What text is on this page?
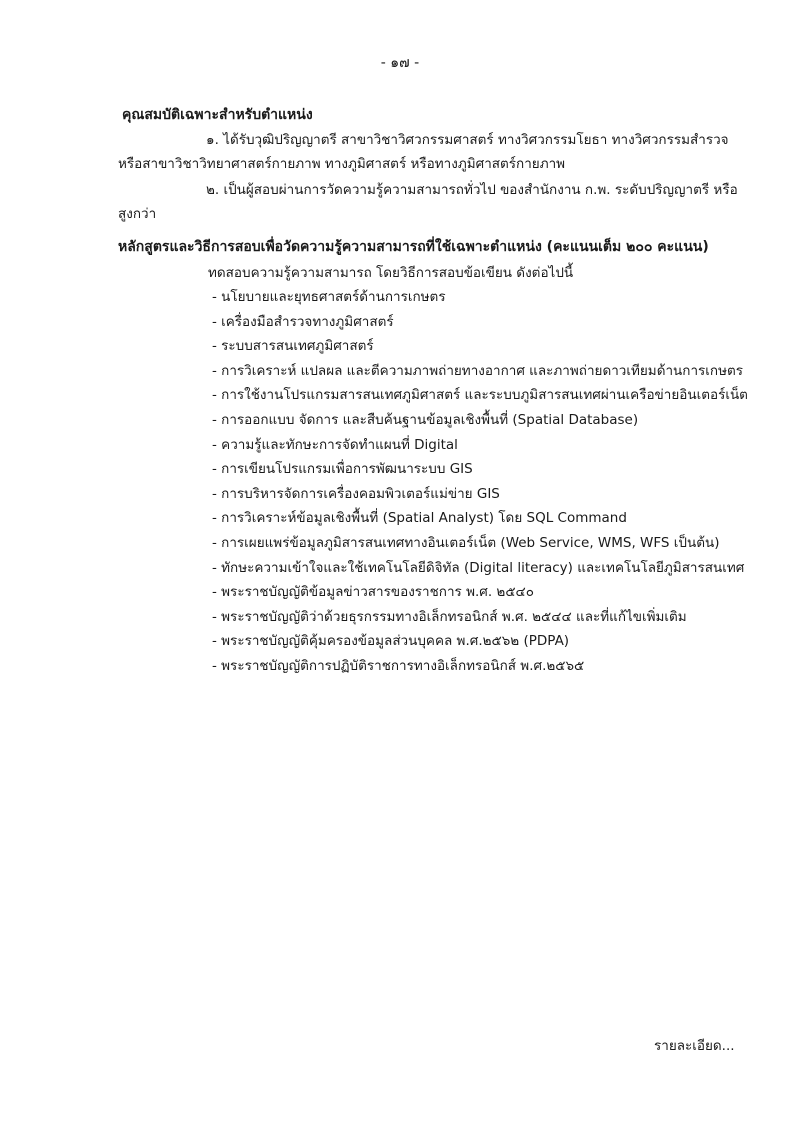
- ๑๗ -
คุณสมบัติเฉพาะสำหรับตำแหน่ง
๑. ได้รับวุฒิปริญญาตรี สาขาวิชาวิศวกรรมศาสตร์ ทางวิศวกรรมโยธา ทางวิศวกรรมสำรวจ หรือสาขาวิชาวิทยาศาสตร์กายภาพ ทางภูมิศาสตร์ หรือทางภูมิศาสตร์กายภาพ
๒. เป็นผู้สอบผ่านการวัดความรู้ความสามารถทั่วไป ของสำนักงาน ก.พ. ระดับปริญญาตรี หรือสูงกว่า
หลักสูตรและวิธีการสอบเพื่อวัดความรู้ความสามารถที่ใช้เฉพาะตำแหน่ง (คะแนนเต็ม ๒๐๐ คะแนน)
ทดสอบความรู้ความสามารถ โดยวิธีการสอบข้อเขียน ดังต่อไปนี้
- นโยบายและยุทธศาสตร์ด้านการเกษตร
- เครื่องมือสำรวจทางภูมิศาสตร์
- ระบบสารสนเทศภูมิศาสตร์
- การวิเคราะห์ แปลผล และตีความภาพถ่ายทางอากาศ และภาพถ่ายดาวเทียมด้านการเกษตร
- การใช้งานโปรแกรมสารสนเทศภูมิศาสตร์ และระบบภูมิสารสนเทศผ่านเครือข่ายอินเตอร์เน็ต
- การออกแบบ จัดการ และสืบค้นฐานข้อมูลเชิงพื้นที่ (Spatial Database)
- ความรู้และทักษะการจัดทำแผนที่ Digital
- การเขียนโปรแกรมเพื่อการพัฒนาระบบ GIS
- การบริหารจัดการเครื่องคอมพิวเตอร์แม่ข่าย GIS
- การวิเคราะห์ข้อมูลเชิงพื้นที่ (Spatial Analyst) โดย SQL Command
- การเผยแพร่ข้อมูลภูมิสารสนเทศทางอินเตอร์เน็ต (Web Service, WMS, WFS เป็นต้น)
- ทักษะความเข้าใจและใช้เทคโนโลยีดิจิทัล (Digital literacy) และเทคโนโลยีภูมิสารสนเทศ
- พระราชบัญญัติข้อมูลข่าวสารของราชการ พ.ศ. ๒๕๔๐
- พระราชบัญญัติว่าด้วยธุรกรรมทางอิเล็กทรอนิกส์ พ.ศ. ๒๕๔๔ และที่แก้ไขเพิ่มเติม
- พระราชบัญญัติคุ้มครองข้อมูลส่วนบุคคล พ.ศ.๒๕๖๒ (PDPA)
- พระราชบัญญัติการปฏิบัติราชการทางอิเล็กทรอนิกส์ พ.ศ.๒๕๖๕
รายละเอียด...
